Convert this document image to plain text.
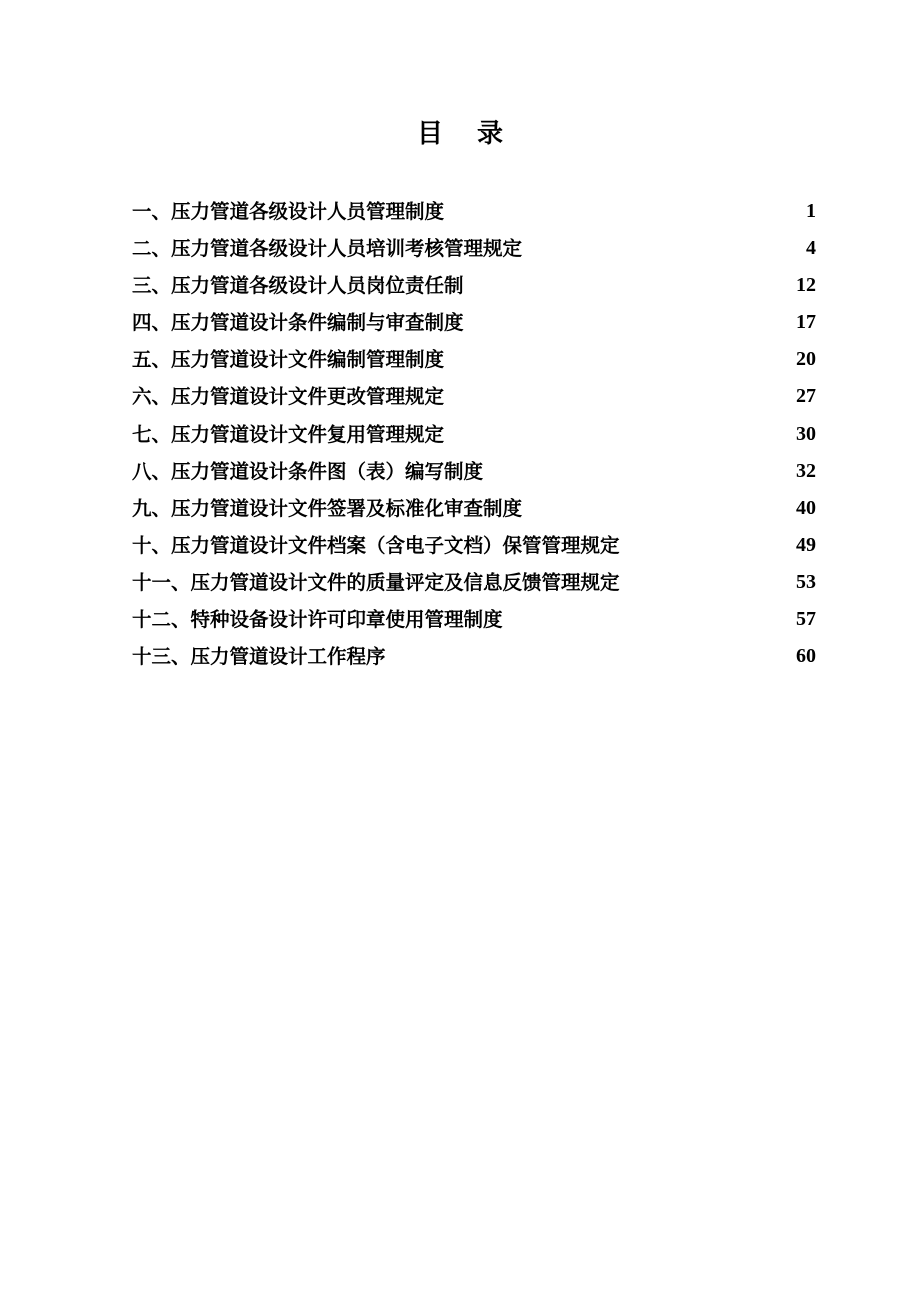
目 录
一、压力管道各级设计人员管理制度	1
二、压力管道各级设计人员培训考核管理规定	4
三、压力管道各级设计人员岗位责任制	12
四、压力管道设计条件编制与审查制度	17
五、压力管道设计文件编制管理制度	20
六、压力管道设计文件更改管理规定	27
七、压力管道设计文件复用管理规定	30
八、压力管道设计条件图（表）编写制度	32
九、压力管道设计文件签署及标准化审查制度	40
十、压力管道设计文件档案（含电子文档）保管管理规定	49
十一、压力管道设计文件的质量评定及信息反馈管理规定	53
十二、特种设备设计许可印章使用管理制度	57
十三、压力管道设计工作程序	60
